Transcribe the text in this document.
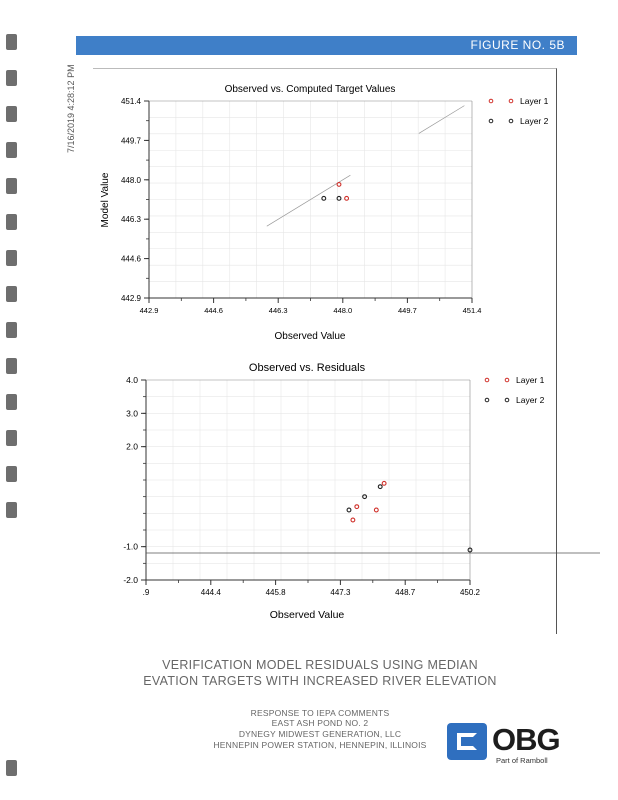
7/16/2019 4:28:12 PM
FIGURE NO. 5B
Observed vs. Computed Target Values
Observed Value
Model Value
442.9	444.6	446.3	448.0	449.7	451.4
451.4
449.7
448.0
446.3
444.6
442.9
Layer 1
Layer 2
Observed vs. Residuals
Observed Value
.9	444.4	445.8	447.3	448.7	450.2
4.0
3.0
2.0
-1.0
-2.0
Layer 1
Layer 2
VERIFICATION MODEL RESIDUALS USING MEDIAN
EVATION TARGETS WITH INCREASED RIVER ELEVATION
RESPONSE TO IEPA COMMENTS
EAST ASH POND NO. 2
DYNEGY MIDWEST GENERATION, LLC
HENNEPIN POWER STATION, HENNEPIN, ILLINOIS	OBG
Part of Ramboll
